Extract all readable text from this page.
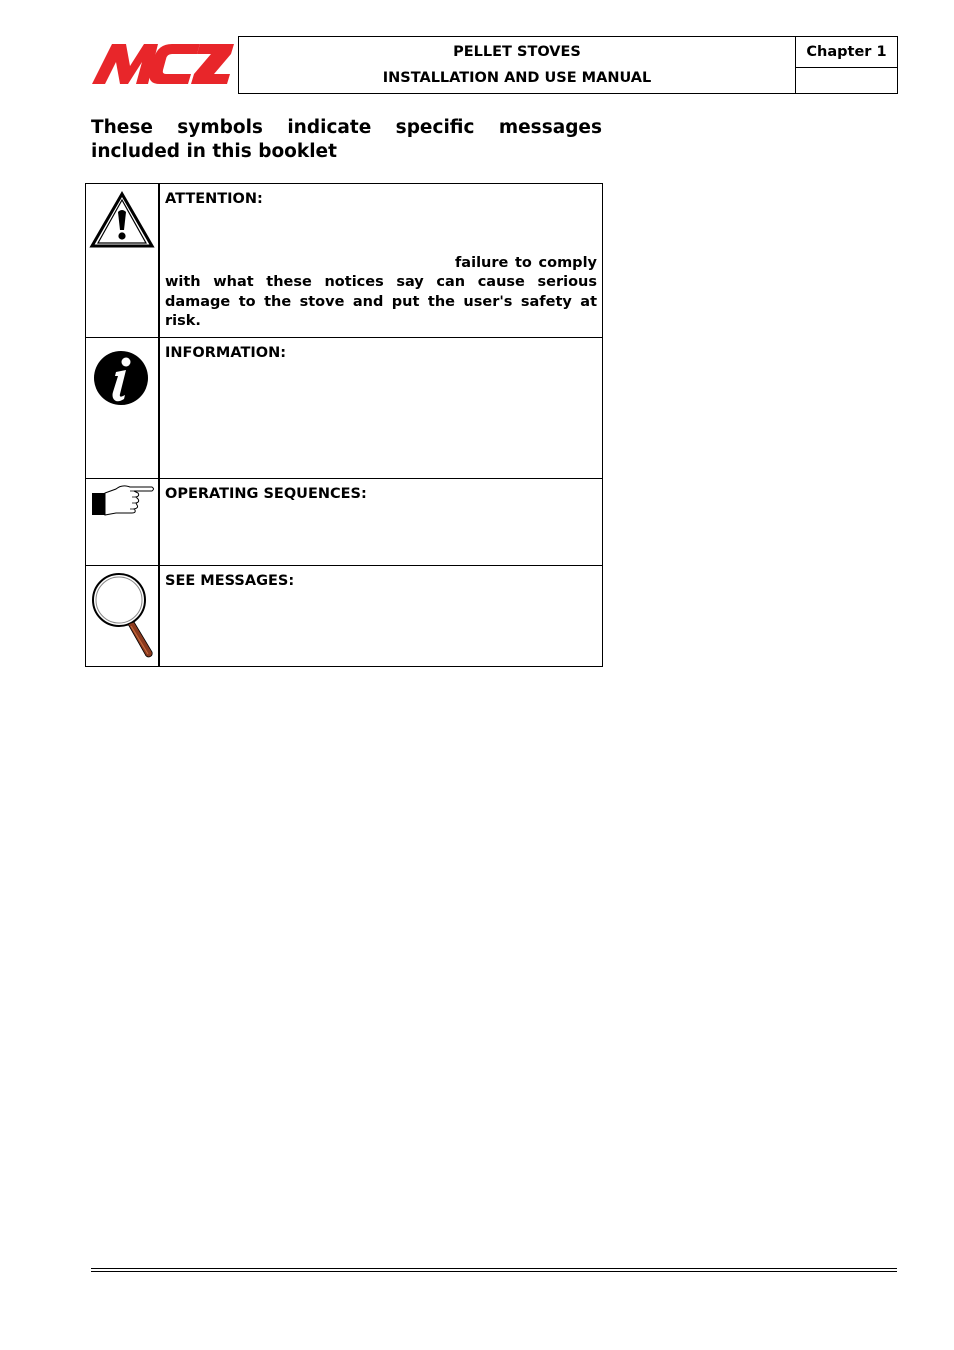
PELLET STOVES
INSTALLATION AND USE MANUAL
	Chapter 1

These symbols indicate specific messages included in this booklet

ATTENTION:
failure to comply with what these notices say can cause serious damage to the stove and put the user's safety at risk.

INFORMATION:

OPERATING SEQUENCES:

SEE MESSAGES:
